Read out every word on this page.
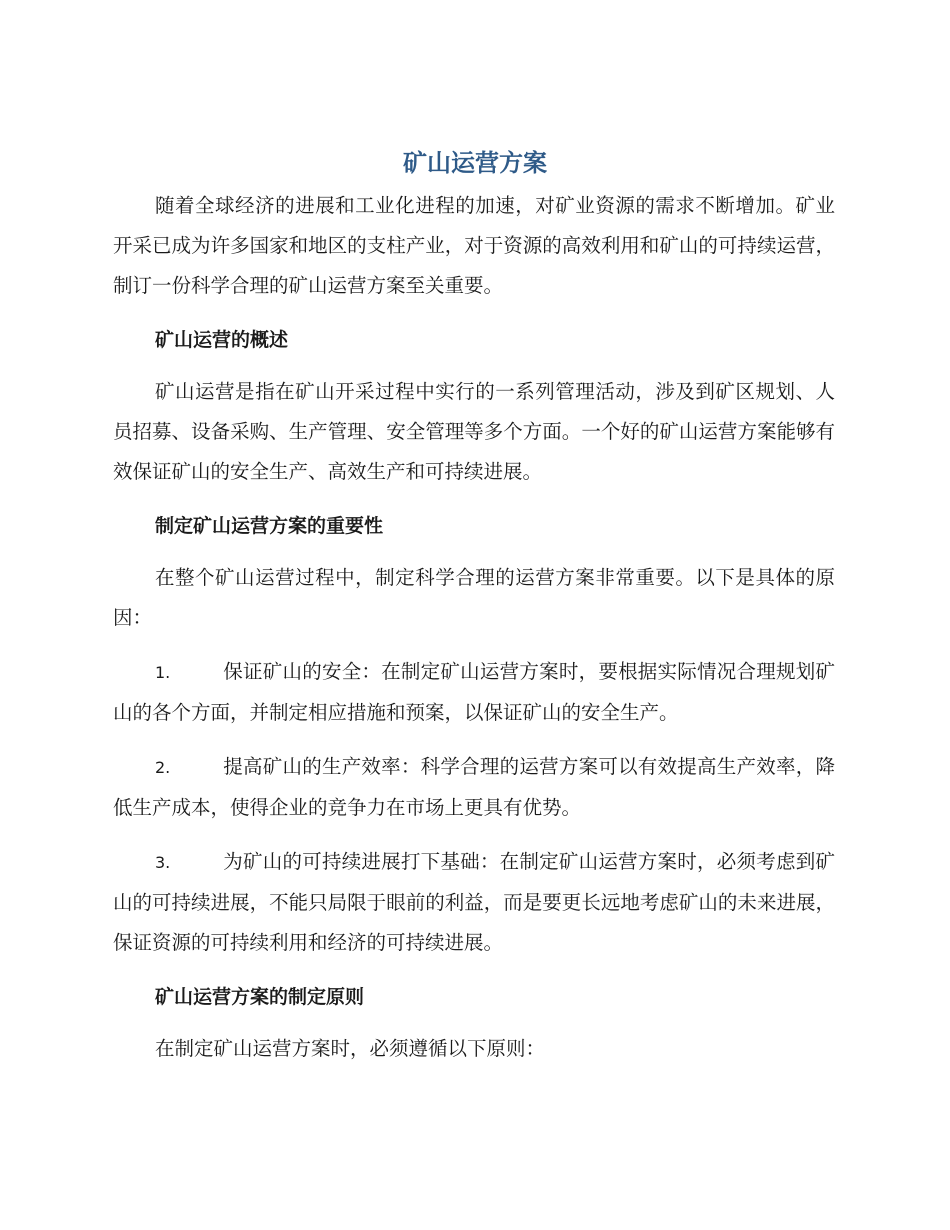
矿山运营方案

随着全球经济的进展和工业化进程的加速，对矿业资源的需求不断增加。矿业开采已成为许多国家和地区的支柱产业，对于资源的高效利用和矿山的可持续运营，制订一份科学合理的矿山运营方案至关重要。

矿山运营的概述

矿山运营是指在矿山开采过程中实行的一系列管理活动，涉及到矿区规划、人员招募、设备采购、生产管理、安全管理等多个方面。一个好的矿山运营方案能够有效保证矿山的安全生产、高效生产和可持续进展。

制定矿山运营方案的重要性

在整个矿山运营过程中，制定科学合理的运营方案非常重要。以下是具体的原因：

1.	保证矿山的安全：在制定矿山运营方案时，要根据实际情况合理规划矿山的各个方面，并制定相应措施和预案，以保证矿山的安全生产。

2.	提高矿山的生产效率：科学合理的运营方案可以有效提高生产效率，降低生产成本，使得企业的竞争力在市场上更具有优势。

3.	为矿山的可持续进展打下基础：在制定矿山运营方案时，必须考虑到矿山的可持续进展，不能只局限于眼前的利益，而是要更长远地考虑矿山的未来进展，保证资源的可持续利用和经济的可持续进展。

矿山运营方案的制定原则

在制定矿山运营方案时，必须遵循以下原则：
